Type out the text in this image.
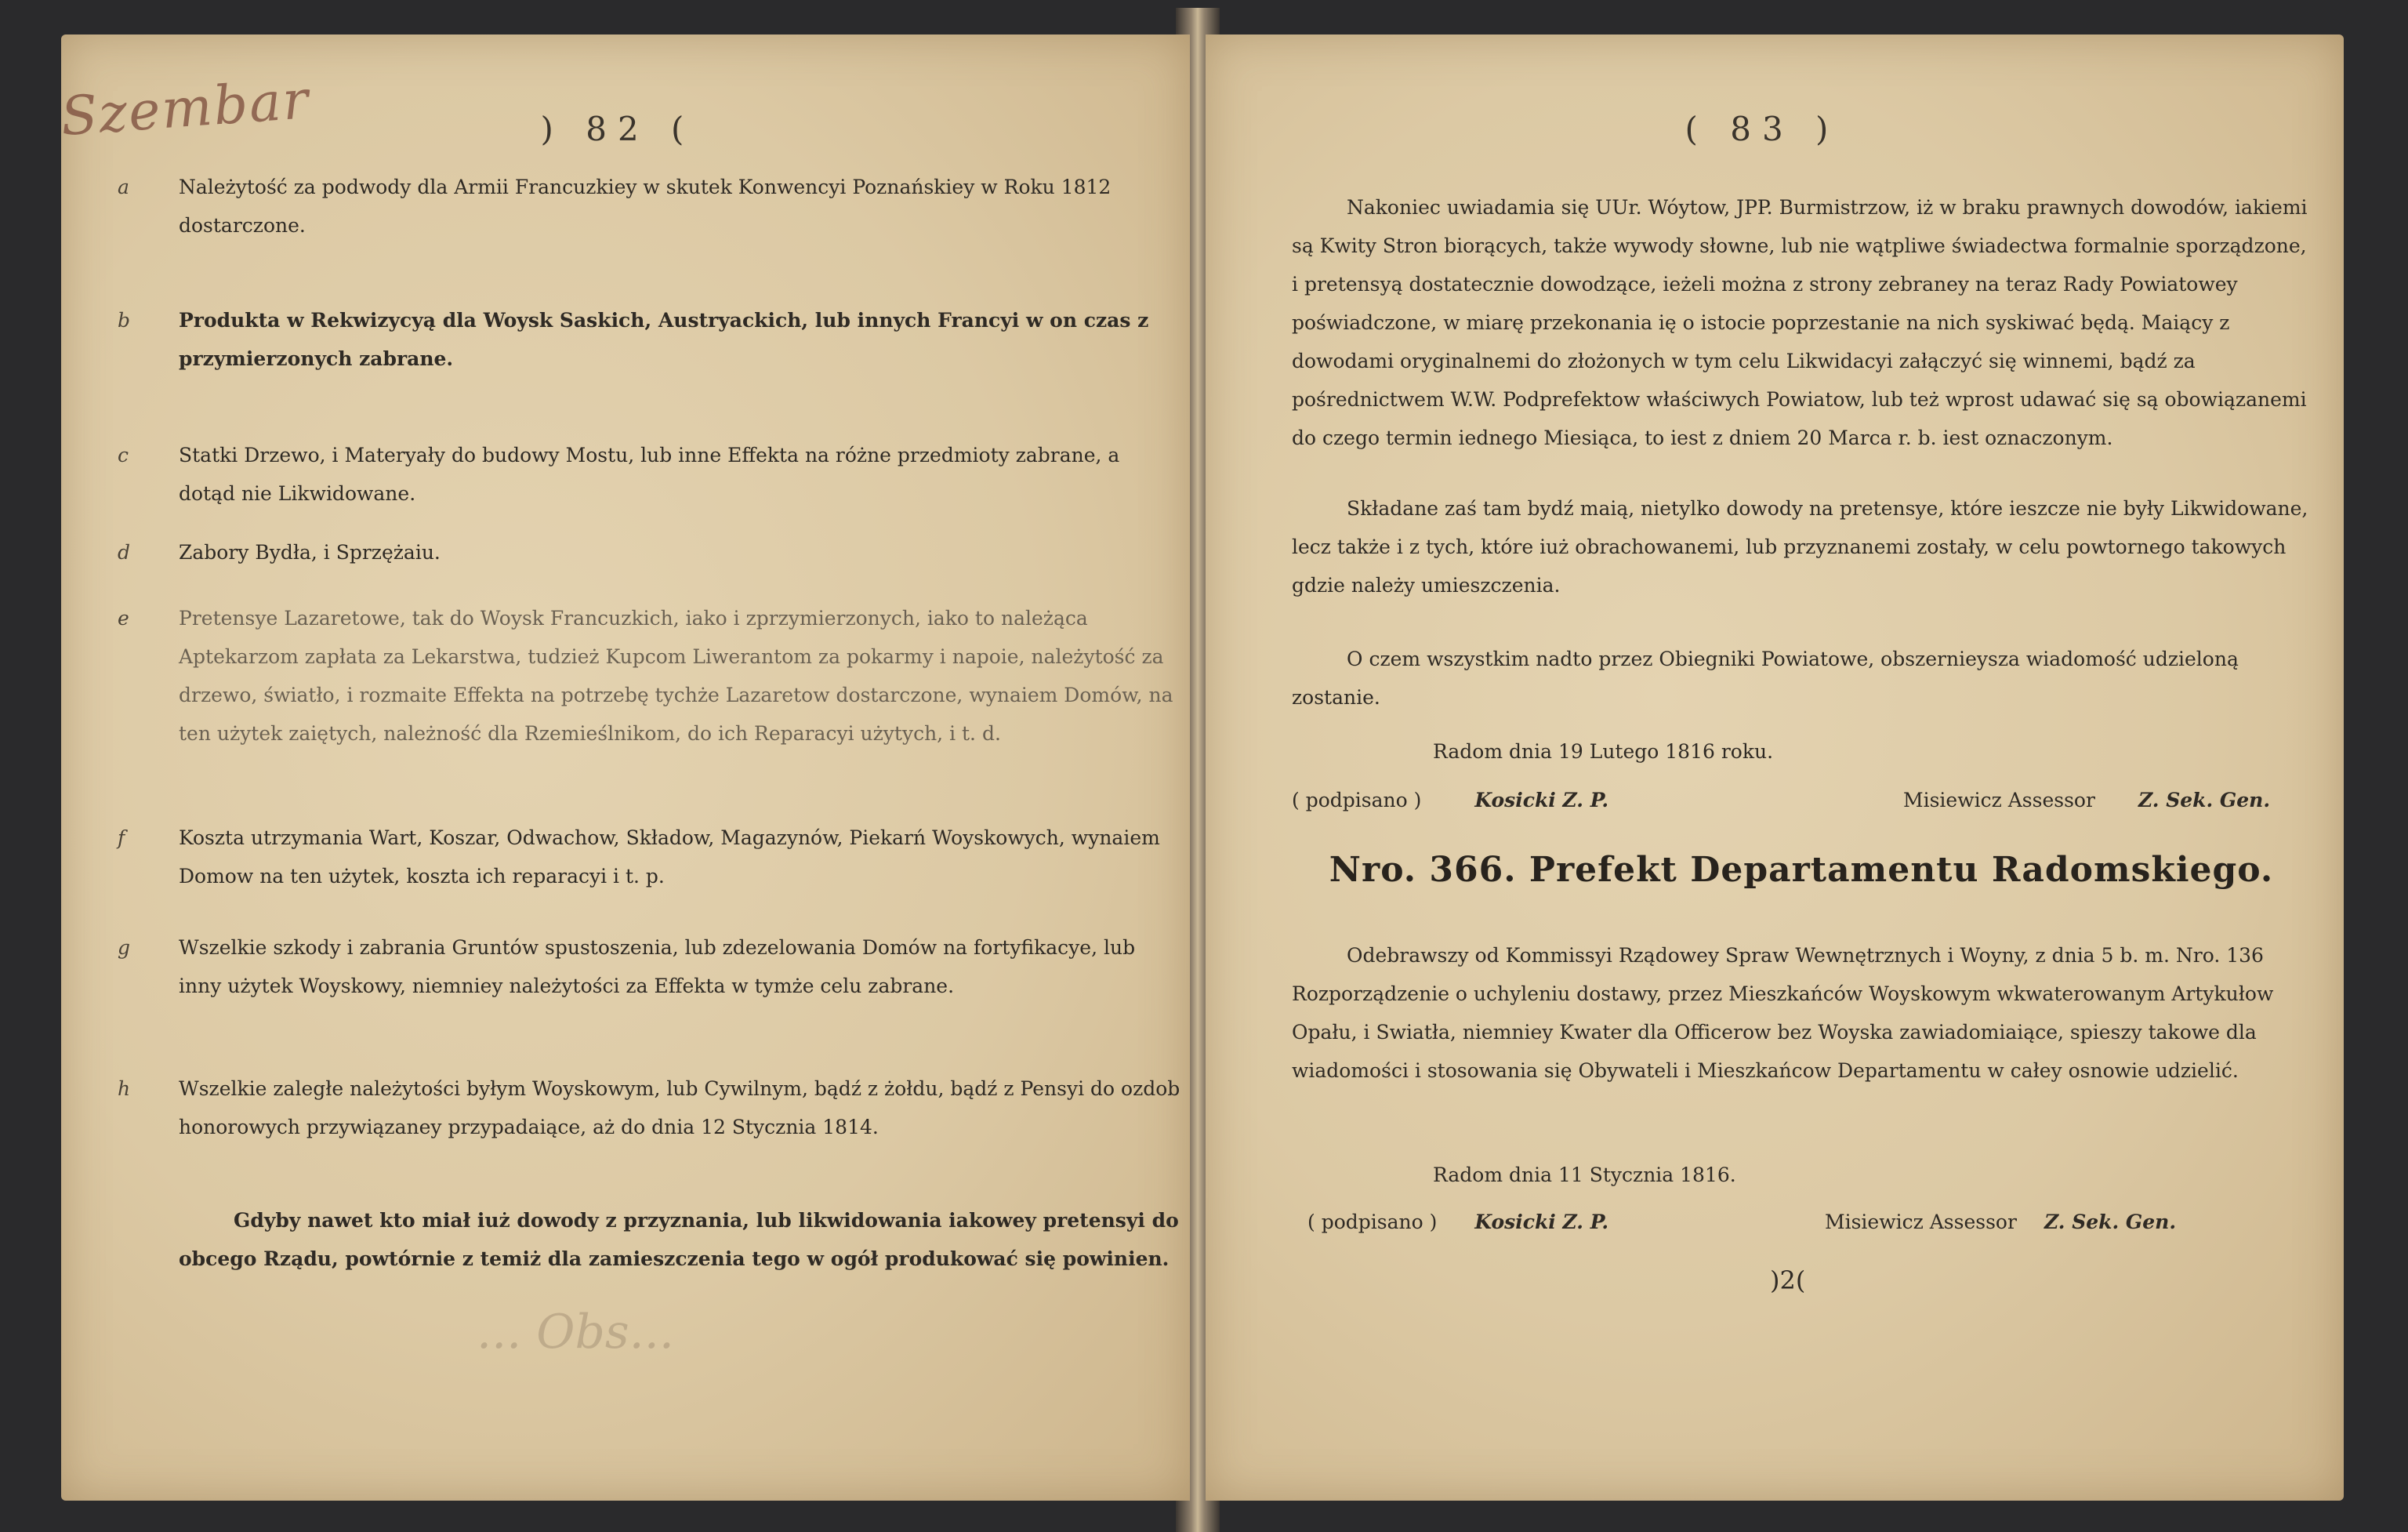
Szembar	) 82 (
a	Należytość za podwody dla Armii Francuzkiey w skutek Konwencyi Poznańskiey w Roku 1812 dostarczone.
b Produkta w Rekwizycyą dla Woysk Saskich, Austryackich, lub innych Francyi w on czas z przymierzonych zabrane.
c	Statki Drzewo, i Materyały do budowy Mostu, lub inne Effekta na różne przedmioty zabrane, a dotąd nie Likwidowane.
d Zabory Bydła, i Sprzężaiu.
e	Pretensye Lazaretowe, tak do Woysk Francuzkich, iako i zprzymierzonych, iako to należąca Aptekarzom zapłata za Lekarstwa, tudzież Kupcom Liwerantom za pokarmy i napoie, należytość za drzewo, światło, i rozmaite Effekta na potrzebę tychże Lazaretow dostarczone, wynaiem Domów, na ten użytek zaiętych, należność dla Rzemieślnikom, do ich Reparacyi użytych, i t. d.
f	Koszta utrzymania Wart, Koszar, Odwachow, Składow, Magazynów, Piekarń Woyskowych, wynaiem Domow na ten użytek, koszta ich reparacyi i t. p.
g Wszelkie szkody i zabrania Gruntów spustoszenia, lub zdezelowania Domów na fortyfikacye, lub inny użytek Woyskowy, niemniey należytości za Effekta w tymże celu zabrane.
h Wszelkie zaległe należytości byłym Woyskowym, lub Cywilnym, bądź z żołdu, bądź z Pensyi do ozdob honorowych przywiązaney przypadaiące, aż do dnia 12 Stycznia 1814.
Gdyby nawet kto miał iuż dowody z przyznania, lub likwidowania iakowey pretensyi do obcego Rządu, powtórnie z temiż dla zamieszczenia tego w ogół produkować się powinien.
... Obs...
( 83 )
Nakoniec uwiadamia się UUr. Wóytow, JPP. Burmistrzow, iż w braku prawnych dowodów, iakiemi są Kwity Stron biorących, także wywody słowne, lub nie wątpliwe świadectwa formalnie sporządzone, i pretensyą dostatecznie dowodzące, ieżeli można z strony zebraney na teraz Rady Powiatowey poświadczone, w miarę przekonania ię o istocie poprzestanie na nich syskiwać będą. Maiący z dowodami oryginalnemi do złożonych w tym celu Likwidacyi załączyć się winnemi, bądź za pośrednictwem W.W. Podprefektow właściwych Powiatow, lub też wprost udawać się są obowiązanemi do czego termin iednego Miesiąca, to iest z dniem 20 Marca r. b. iest oznaczonym.
Składane zaś tam bydź maią, nietylko dowody na pretensye, które ieszcze nie były Likwidowane, lecz także i z tych, które iuż obrachowanemi, lub przyznanemi zostały, w celu powtornego takowych gdzie należy umieszczenia.
O czem wszystkim nadto przez Obiegniki Powiatowe, obszernieysza wiadomość udzieloną zostanie.
Radom dnia 19 Lutego 1816 roku.
( podpisano )	Kosicki Z. P.	Misiewicz Assessor Z. Sek. Gen.
Nro. 366. Prefekt Departamentu Radomskiego.
Odebrawszy od Kommissyi Rządowey Spraw Wewnętrznych i Woyny, z dnia 5 b. m. Nro. 136 Rozporządzenie o uchyleniu dostawy, przez Mieszkańców Woyskowym wkwaterowanym Artykułow Opału, i Swiatła, niemniey Kwater dla Officerow bez Woyska zawiadomiaiące, spieszy takowe dla wiadomości i stosowania się Obywateli i Mieszkańcow Departamentu w całey osnowie udzielić.
Radom dnia 11 Stycznia 1816.
( podpisano ) Kosicki Z. P.	Misiewicz Assessor Z. Sek. Gen.
)2(
